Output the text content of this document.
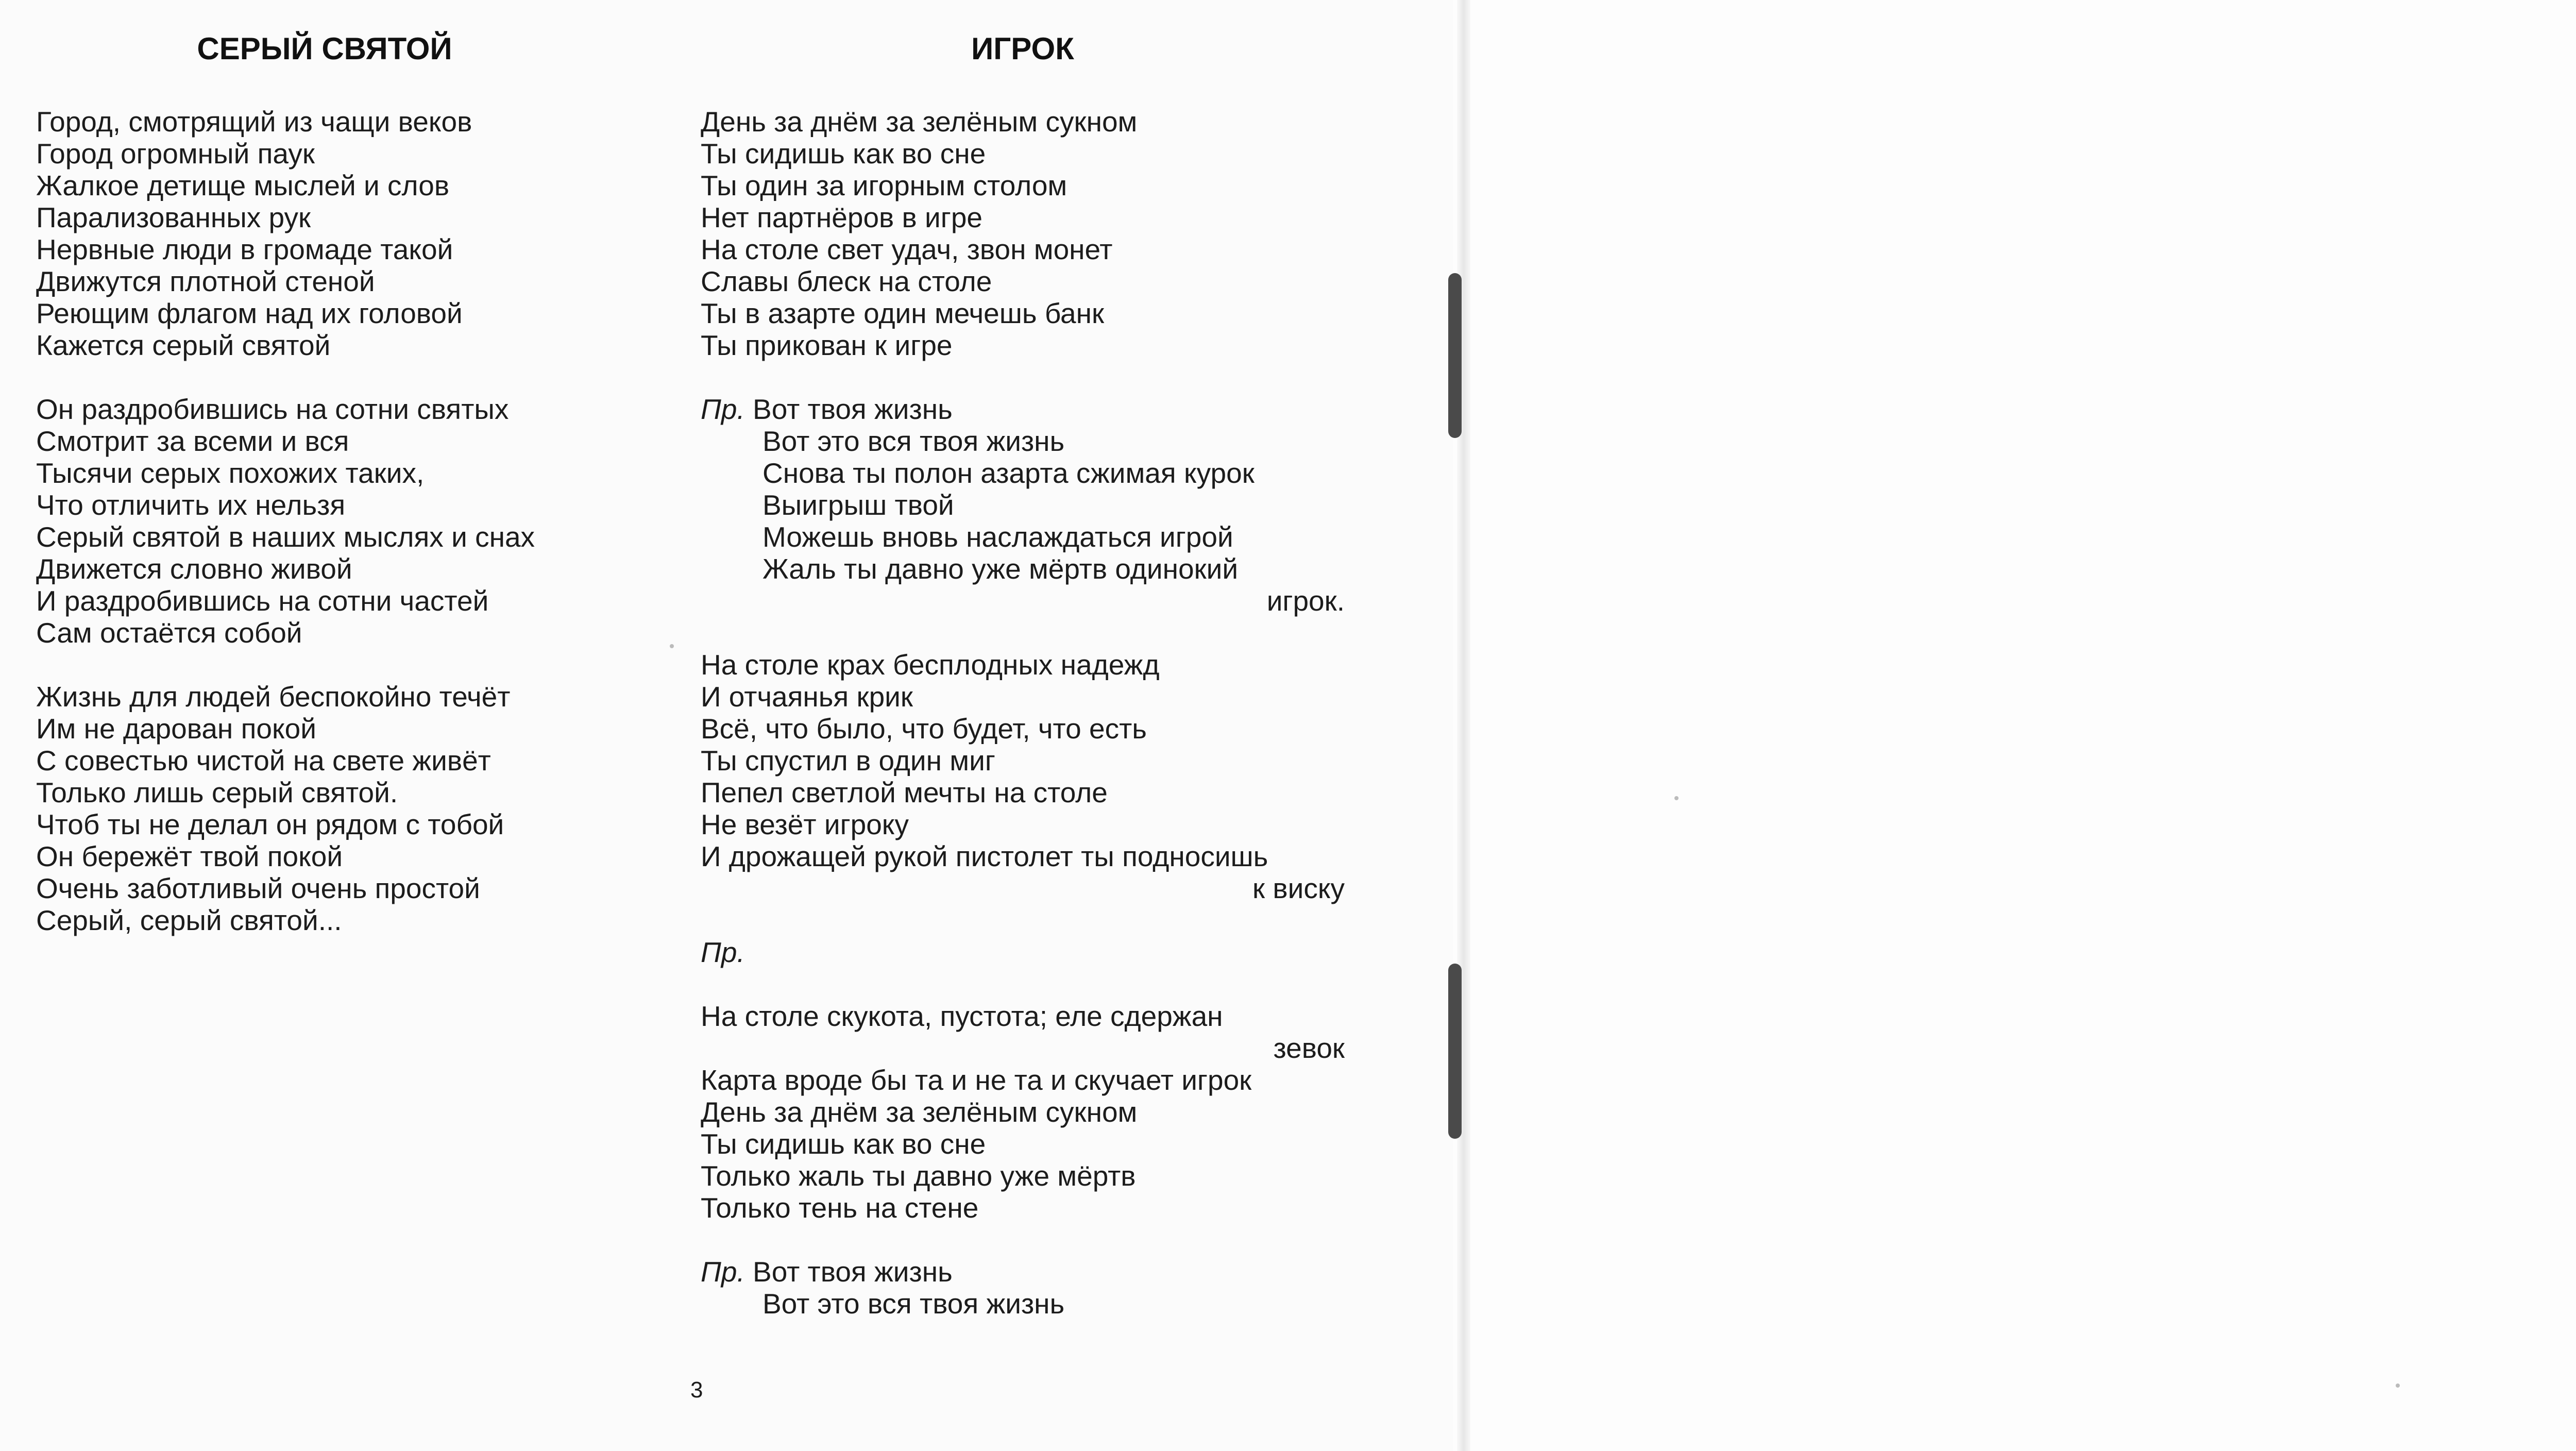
СЕРЫЙ СВЯТОЙ
Город, смотрящий из чащи веков
Город огромный паук
Жалкое детище мыслей и слов
Парализованных рук
Нервные люди в громаде такой
Движутся плотной стеной
Реющим флагом над их головой
Кажется серый святой
Он раздробившись на сотни святых
Смотрит за всеми и вся
Тысячи серых похожих таких,
Что отличить их нельзя
Серый святой в наших мыслях и снах
Движется словно живой
И раздробившись на сотни частей
Сам остаётся собой
Жизнь для людей беспокойно течёт
Им не дарован покой
С совестью чистой на свете живёт
Только лишь серый святой.
Чтоб ты не делал он рядом с тобой
Он бережёт твой покой
Очень заботливый очень простой
Серый, серый святой...
ИГРОК
День за днём за зелёным сукном
Ты сидишь как во сне
Ты один за игорным столом
Нет партнёров в игре
На столе свет удач, звон монет
Славы блеск на столе
Ты в азарте один мечешь банк
Ты прикован к игре
Пр. Вот твоя жизнь
Вот это вся твоя жизнь
Снова ты полон азарта сжимая курок
Выигрыш твой
Можешь вновь наслаждаться игрой
Жаль ты давно уже мёртв одинокий
игрок.
На столе крах бесплодных надежд
И отчаянья крик
Всё, что было, что будет, что есть
Ты спустил в один миг
Пепел светлой мечты на столе
Не везёт игроку
И дрожащей рукой пистолет ты подносишь
к виску
Пр.
На столе скукота, пустота; еле сдержан
зевок
Карта вроде бы та и не та и скучает игрок
День за днём за зелёным сукном
Ты сидишь как во сне
Только жаль ты давно уже мёртв
Только тень на стене
Пр. Вот твоя жизнь
Вот это вся твоя жизнь
3
